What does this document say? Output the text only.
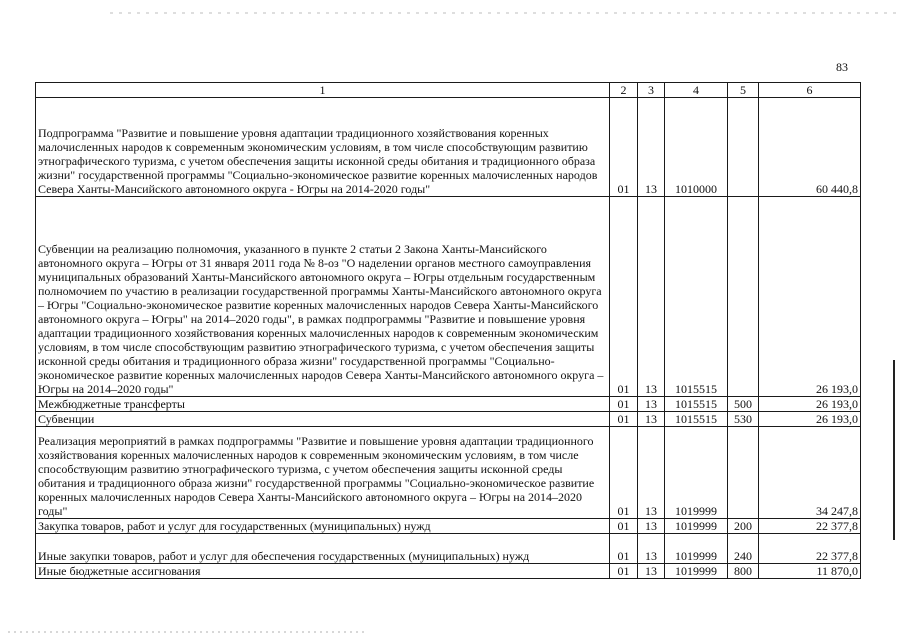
83
1	2	3	4	5	6
Подпрограмма "Развитие и повышение уровня адаптации традиционного хозяйствования коренных малочисленных народов к современным экономическим условиям, в том числе способствующим развитию этнографического туризма, с учетом обеспечения защиты исконной среды обитания и традиционного образа жизни" государственной программы "Социально-экономическое развитие коренных малочисленных народов Севера Ханты-Мансийского автономного округа - Югры на 2014-2020 годы"	01	13	1010000		60 440,8
Субвенции на реализацию полномочия, указанного в пункте 2 статьи 2 Закона Ханты-Мансийского автономного округа – Югры от 31 января 2011 года № 8-оз "О наделении органов местного самоуправления муниципальных образований Ханты-Мансийского автономного округа – Югры отдельным государственным полномочием по участию в реализации государственной программы Ханты-Мансийского автономного округа – Югры "Социально-экономическое развитие коренных малочисленных народов Севера Ханты-Мансийского автономного округа – Югры" на 2014–2020 годы", в рамках подпрограммы "Развитие и повышение уровня адаптации традиционного хозяйствования коренных малочисленных народов к современным экономическим условиям, в том числе способствующим развитию этнографического туризма, с учетом обеспечения защиты исконной среды обитания и традиционного образа жизни" государственной программы "Социально-экономическое развитие коренных малочисленных народов Севера Ханты-Мансийского автономного округа – Югры на 2014–2020 годы"	01	13	1015515		26 193,0
Межбюджетные трансферты	01	13	1015515	500	26 193,0
Субвенции	01	13	1015515	530	26 193,0
Реализация мероприятий в рамках подпрограммы "Развитие и повышение уровня адаптации традиционного хозяйствования коренных малочисленных народов к современным экономическим условиям, в том числе способствующим развитию этнографического туризма, с учетом обеспечения защиты исконной среды обитания и традиционного образа жизни" государственной программы "Социально-экономическое развитие коренных малочисленных народов Севера Ханты-Мансийского автономного округа – Югры на 2014–2020 годы"	01	13	1019999		34 247,8
Закупка товаров, работ и услуг для государственных (муниципальных) нужд	01	13	1019999	200	22 377,8
Иные закупки товаров, работ и услуг для обеспечения государственных (муниципальных) нужд	01	13	1019999	240	22 377,8
Иные бюджетные ассигнования	01	13	1019999	800	11 870,0
